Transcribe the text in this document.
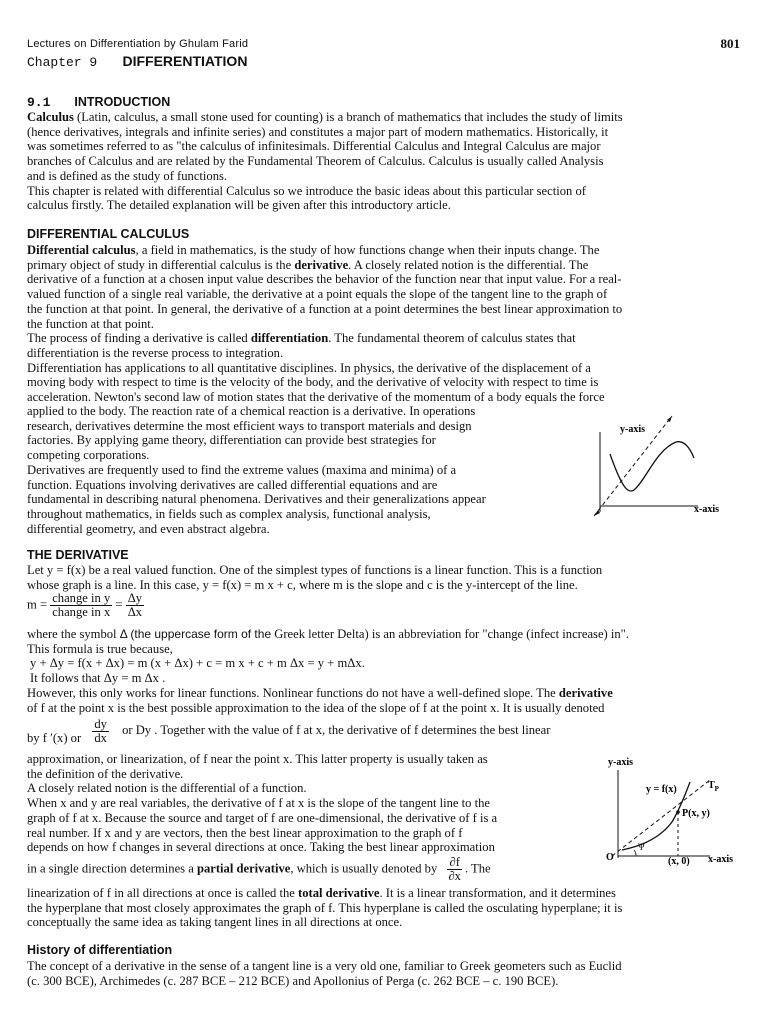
Lectures on Differentiation by Ghulam Farid	801
Chapter 9 DIFFERENTIATION
9.1 INTRODUCTION

Calculus (Latin, calculus, a small stone used for counting) is a branch of mathematics that includes the study of limits

(hence derivatives, integrals and infinite series) and constitutes a major part of modern mathematics. Historically, it

was sometimes referred to as "the calculus of infinitesimals. Differential Calculus and Integral Calculus are major

branches of Calculus and are related by the Fundamental Theorem of Calculus. Calculus is usually called Analysis

and is defined as the study of functions.

This chapter is related with differential Calculus so we introduce the basic ideas about this particular section of

calculus firstly. The detailed explanation will be given after this introductory article.

DIFFERENTIAL CALCULUS

Differential calculus, a field in mathematics, is the study of how functions change when their inputs change. The

primary object of study in differential calculus is the derivative. A closely related notion is the differential. The

derivative of a function at a chosen input value describes the behavior of the function near that input value. For a real-

valued function of a single real variable, the derivative at a point equals the slope of the tangent line to the graph of

the function at that point. In general, the derivative of a function at a point determines the best linear approximation to

the function at that point.

The process of finding a derivative is called differentiation. The fundamental theorem of calculus states that

differentiation is the reverse process to integration.

Differentiation has applications to all quantitative disciplines. In physics, the derivative of the displacement of a

moving body with respect to time is the velocity of the body, and the derivative of velocity with respect to time is

acceleration. Newton's second law of motion states that the derivative of the momentum of a body equals the force

applied to the body. The reaction rate of a chemical reaction is a derivative. In operations

research, derivatives determine the most efficient ways to transport materials and design

factories. By applying game theory, differentiation can provide best strategies for

competing corporations.

Derivatives are frequently used to find the extreme values (maxima and minima) of a

function. Equations involving derivatives are called differential equations and are

fundamental in describing natural phenomena. Derivatives and their generalizations appear

throughout mathematics, in fields such as complex analysis, functional analysis,

differential geometry, and even abstract algebra.

y-axis
x-axis
THE DERIVATIVE

Let y = f(x) be a real valued function. One of the simplest types of functions is a linear function. This is a function

whose graph is a line. In this case, y = f(x) = m x + c, where m is the slope and c is the y-intercept of the line.

$m = \frac{\text{change in y}}{\text{change in x}} = \frac{\Delta y}{\Delta x}$

where the symbol Δ (the uppercase form of the Greek letter Delta) is an abbreviation for "change (infect increase) in".

This formula is true because,

y + Δy = f(x + Δx) = m (x + Δx) + c = m x + c + m Δx = y + mΔx.

It follows that Δy = m Δx .

However, this only works for linear functions. Nonlinear functions do not have a well-defined slope. The derivative

of f at the point x is the best possible approximation to the idea of the slope of f at the point x. It is usually denoted

by f ′(x) or $\frac{dy}{dx}$ or Dy . Together with the value of f at x, the derivative of f determines the best linear

approximation, or linearization, of f near the point x. This latter property is usually taken as

the definition of the derivative.

A closely related notion is the differential of a function.

When x and y are real variables, the derivative of f at x is the slope of the tangent line to the

graph of f at x. Because the source and target of f are one-dimensional, the derivative of f is a

real number. If x and y are vectors, then the best linear approximation to the graph of f

depends on how f changes in several directions at once. Taking the best linear approximation

in a single direction determines a partial derivative, which is usually denoted by $\frac{\partial f}{\partial x}$ . The

linearization of f in all directions at once is called the total derivative. It is a linear transformation, and it determines

the hyperplane that most closely approximates the graph of f. This hyperplane is called the osculating hyperplane; it is

conceptually the same idea as taking tangent lines in all directions at once.

y-axis
y = f(x)	$T_P$
P(x, y)
Ψ
O	(x, 0) x-axis
History of differentiation

The concept of a derivative in the sense of a tangent line is a very old one, familiar to Greek geometers such as Euclid

(c. 300 BCE), Archimedes (c. 287 BCE – 212 BCE) and Apollonius of Perga (c. 262 BCE – c. 190 BCE).
